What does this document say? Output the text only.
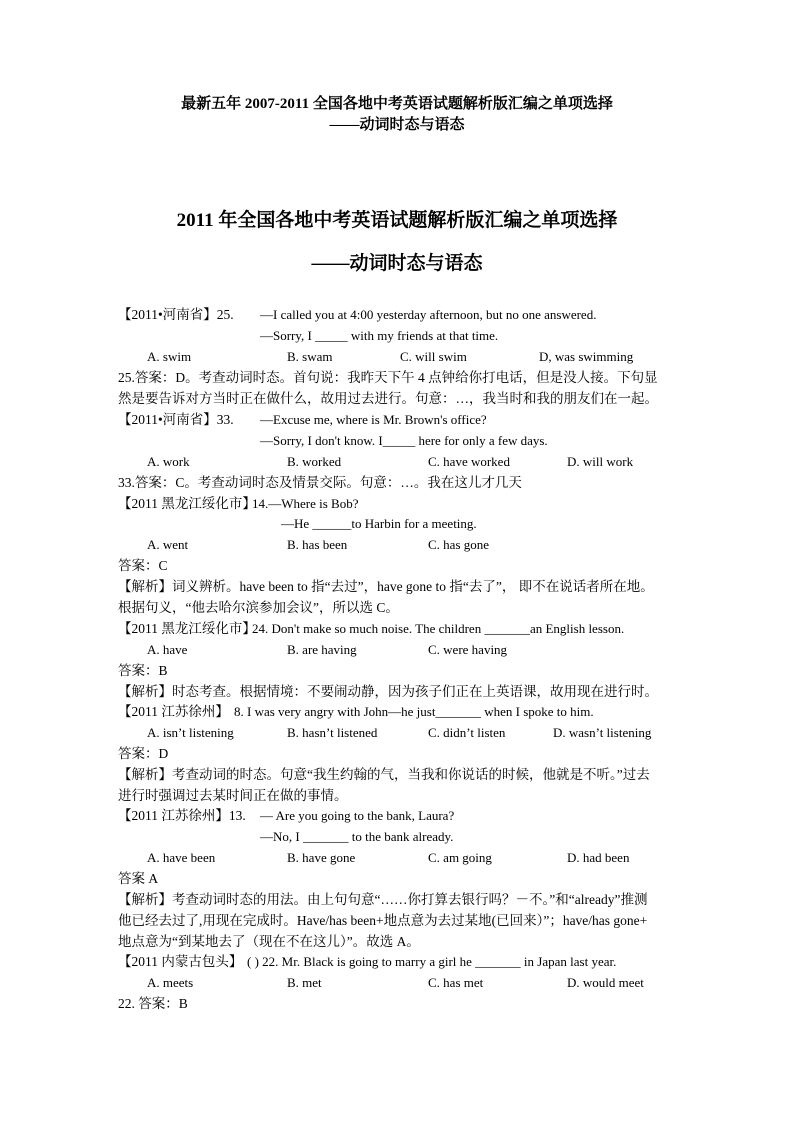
最新五年 2007-2011 全国各地中考英语试题解析版汇编之单项选择
——动词时态与语态
2011 年全国各地中考英语试题解析版汇编之单项选择
——动词时态与语态
【2011•河南省】25. —I called you at 4:00 yesterday afternoon, but no one answered.
—Sorry, I _____ with my friends at that time.
A. swim	B. swam	C. will swim	D, was swimming
25.答案：D。考查动词时态。首句说：我昨天下午 4 点钟给你打电话，但是没人接。下句显
然是要告诉对方当时正在做什么，故用过去进行。句意：…，我当时和我的朋友们在一起。
【2011•河南省】33. —Excuse me, where is Mr. Brown's office?
—Sorry, I don't know. I_____ here for only a few days.
A. work	B. worked	C. have worked	D. will work
33.答案：C。考查动词时态及情景交际。句意：…。我在这儿才几天
【2011 黑龙江绥化市】
14.—Where is Bob?
—He ______to Harbin for a meeting.
A. went	B. has been	C. has gone
答案：C
【解析】词义辨析。have been to 指“去过”，have gone to 指“去了”， 即不在说话者所在地。
根据句义，“他去哈尔滨参加会议”，所以选 C。
【2011 黑龙江绥化市】
24. Don't make so much noise. The children _______an English lesson.
A. have	B. are having	C. were having
答案：B
【解析】时态考查。根据情境：不要闹动静，因为孩子们正在上英语课，故用现在进行时。
【2011 江苏徐州】 8. I was very angry with John—he just_______ when I spoke to him.
A. isn’t listening	B. hasn’t listened	C. didn’t listen	D. wasn’t listening
答案：D
【解析】考查动词的时态。句意“我生约翰的气，当我和你说话的时候，他就是不听。”过去
进行时强调过去某时间正在做的事情。
【2011 江苏徐州】13. — Are you going to the bank, Laura?
—No, I _______ to the bank already.
A. have been	B. have gone	C. am going	D. had been
答案 A
【解析】考查动词时态的用法。由上句句意“……你打算去银行吗？－不。”和“already”推测
他已经去过了,用现在完成时。Have/has been+地点意为去过某地(已回来）”；have/has gone+
地点意为“到某地去了（现在不在这儿）”。故选 A。
【2011 内蒙古包头】 ( ) 22. Mr. Black is going to marry a girl he _______ in Japan last year.
A. meets	B. met	C. has met	D. would meet
22. 答案：B
